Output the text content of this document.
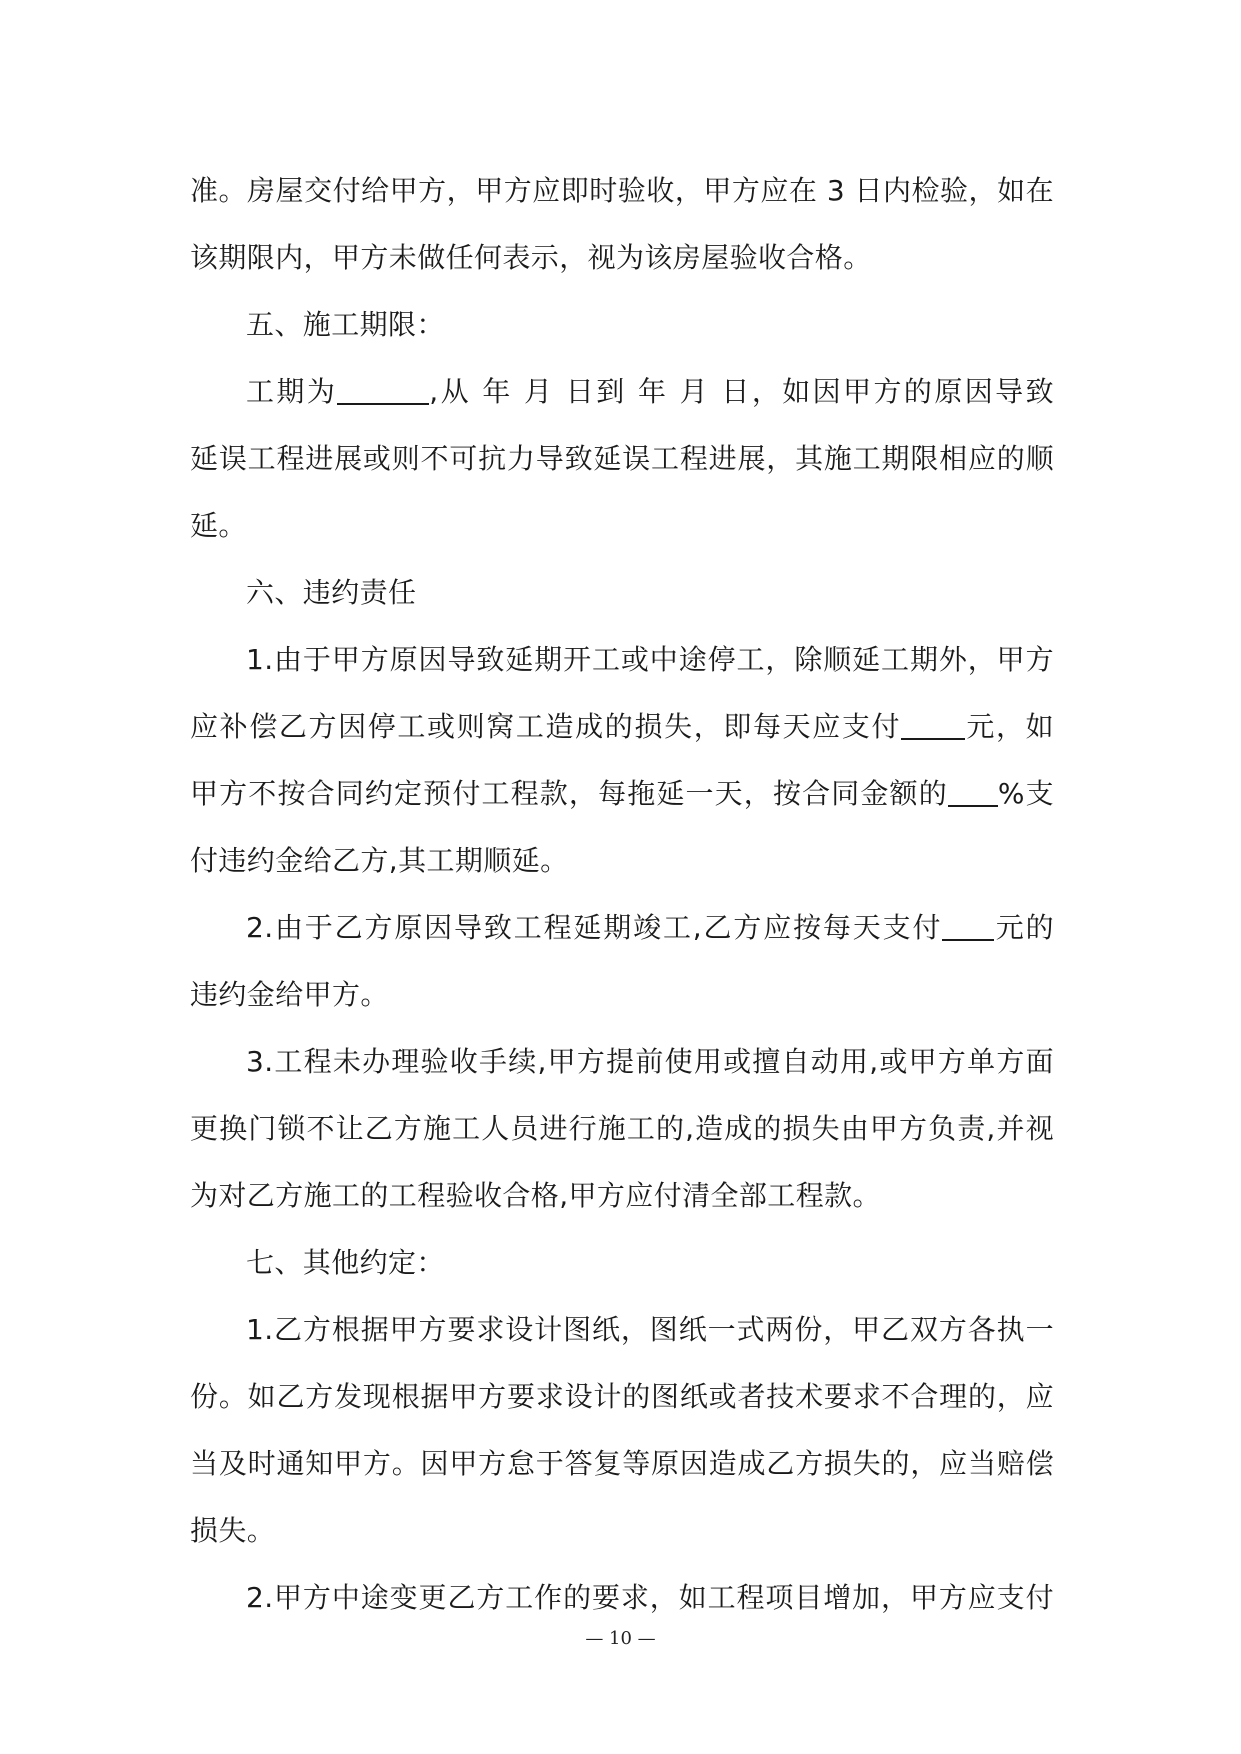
准。房屋交付给甲方，甲方应即时验收，甲方应在 3 日内检验，如在
该期限内，甲方未做任何表示，视为该房屋验收合格。
五、施工期限：
工期为	,从 年 月 日到 年 月 日，如因甲方的原因导致
延误工程进展或则不可抗力导致延误工程进展，其施工期限相应的顺
延。
六、违约责任
1.由于甲方原因导致延期开工或中途停工，除顺延工期外，甲方
应补偿乙方因停工或则窝工造成的损失，即每天应支付 元，如
甲方不按合同约定预付工程款，每拖延一天，按合同金额的 %支
付违约金给乙方,其工期顺延。
2.由于乙方原因导致工程延期竣工,乙方应按每天支付 元的
违约金给甲方。
3.工程未办理验收手续,甲方提前使用或擅自动用,或甲方单方面
更换门锁不让乙方施工人员进行施工的,造成的损失由甲方负责,并视
为对乙方施工的工程验收合格,甲方应付清全部工程款。
七、其他约定：
1.乙方根据甲方要求设计图纸，图纸一式两份，甲乙双方各执一
份。如乙方发现根据甲方要求设计的图纸或者技术要求不合理的，应
当及时通知甲方。因甲方怠于答复等原因造成乙方损失的，应当赔偿
损失。
2.甲方中途变更乙方工作的要求，如工程项目增加，甲方应支付
— 10 —
